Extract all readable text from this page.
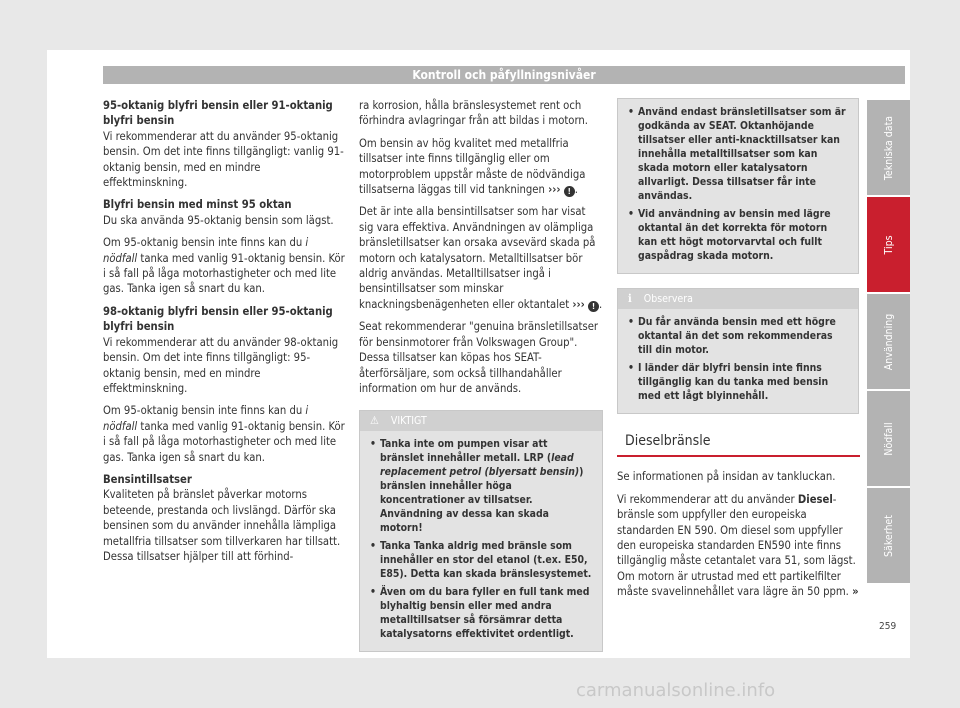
Kontroll och påfyllningsnivåer

95-oktanig blyfri bensin eller 91-oktanig blyfri bensin

Vi rekommenderar att du använder 95-oktanig bensin. Om det inte finns tillgängligt: vanlig 91-oktanig bensin, med en mindre effektminskning.

Blyfri bensin med minst 95 oktan

Du ska använda 95-oktanig bensin som lägst.

Om 95-oktanig bensin inte finns kan du i nödfall tanka med vanlig 91-oktanig bensin. Kör i så fall på låga motorhastigheter och med lite gas. Tanka igen så snart du kan.

98-oktanig blyfri bensin eller 95-oktanig blyfri bensin

Vi rekommenderar att du använder 98-oktanig bensin. Om det inte finns tillgängligt: 95-oktanig bensin, med en mindre effektminskning.

Om 95-oktanig bensin inte finns kan du i nödfall tanka med vanlig 91-oktanig bensin. Kör i så fall på låga motorhastigheter och med lite gas. Tanka igen så snart du kan.

Bensintillsatser

Kvaliteten på bränslet påverkar motorns beteende, prestanda och livslängd. Därför ska bensinen som du använder innehålla lämpliga metallfria tillsatser som tillverkaren har tillsatt. Dessa tillsatser hjälper till att förhind-

ra korrosion, hålla bränslesystemet rent och förhindra avlagringar från att bildas i motorn.

Om bensin av hög kvalitet med metallfria tillsatser inte finns tillgänglig eller om motorproblem uppstår måste de nödvändiga tillsatserna läggas till vid tankningen ››› ! .

Det är inte alla bensintillsatser som har visat sig vara effektiva. Användningen av olämpliga bränsletillsatser kan orsaka avsevärd skada på motorn och katalysatorn. Metalltillsatser bör aldrig användas. Metalltillsatser ingå i bensintillsatser som minskar knackningsbenägenheten eller oktantalet ››› ! .

Seat rekommenderar "genuina bränsletillsatser för bensinmotorer från Volkswagen Group". Dessa tillsatser kan köpas hos SEAT-återförsäljare, som också tillhandahåller information om hur de används.

⚠ VIKTIGT
• Tanka inte om pumpen visar att bränslet innehåller metall. LRP (lead replacement petrol (blyersatt bensin)) bränslen innehåller höga koncentrationer av tillsatser. Användning av dessa kan skada motorn!
• Tanka Tanka aldrig med bränsle som innehåller en stor del etanol (t.ex. E50, E85). Detta kan skada bränslesystemet.
• Även om du bara fyller en full tank med blyhaltig bensin eller med andra metalltillsatser så försämrar detta katalysatorns effektivitet ordentligt.
• Använd endast bränsletillsatser som är godkända av SEAT. Oktanhöjande tillsatser eller anti-knacktillsatser kan innehålla metalltillsatser som kan skada motorn eller katalysatorn allvarligt. Dessa tillsatser får inte användas.
• Vid användning av bensin med lägre oktantal än det korrekta för motorn kan ett högt motorvarvtal och fullt gaspådrag skada motorn.
ℹ Observera
• Du får använda bensin med ett högre oktantal än det som rekommenderas till din motor.
• I länder där blyfri bensin inte finns tillgänglig kan du tanka med bensin med ett lågt blyinnehåll.
Dieselbränsle

Se informationen på insidan av tankluckan.

Vi rekommenderar att du använder Diesel-bränsle som uppfyller den europeiska standarden EN 590. Om diesel som uppfyller den europeiska standarden EN590 inte finns tillgänglig måste cetantalet vara 51, som lägst. Om motorn är utrustad med ett partikelfilter måste svavelinnehållet vara lägre än 50 ppm. »

259
Tekniska data
Tips
Användning
Nödfall
Säkerhet
carmanualsonline.info
